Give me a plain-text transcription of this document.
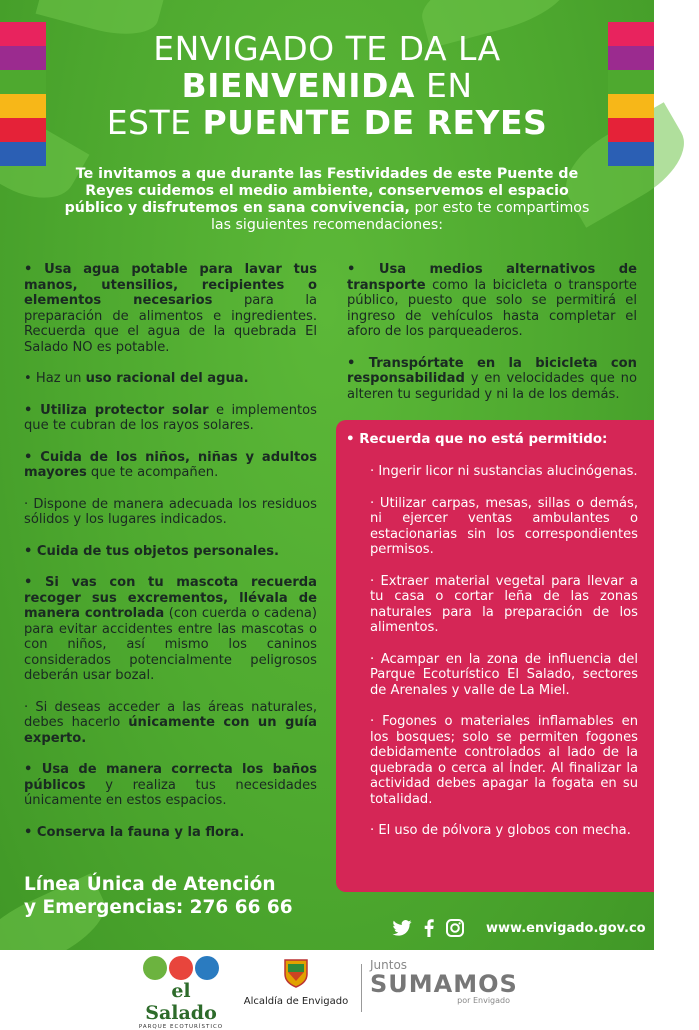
ENVIGADO TE DA LA
BIENVENIDA EN
ESTE PUENTE DE REYES
Te invitamos a que durante las Festividades de este Puente de Reyes cuidemos el medio ambiente, conservemos el espacio público y disfrutemos en sana convivencia, por esto te compartimos las siguientes recomendaciones:

• Usa agua potable para lavar tus manos, utensilios, recipientes o elementos necesarios para la preparación de alimentos e ingredientes. Recuerda que el agua de la quebrada El Salado NO es potable.

• Haz un uso racional del agua.

• Utiliza protector solar e implementos que te cubran de los rayos solares.

• Cuida de los niños, niñas y adultos mayores que te acompañen.

· Dispone de manera adecuada los residuos sólidos y los lugares indicados.

• Cuida de tus objetos personales.

• Si vas con tu mascota recuerda recoger sus excrementos, llévala de manera controlada (con cuerda o cadena) para evitar accidentes entre las mascotas o con niños, así mismo los caninos considerados potencialmente peligrosos deberán usar bozal.

· Si deseas acceder a las áreas naturales, debes hacerlo únicamente con un guía experto.

• Usa de manera correcta los baños públicos y realiza tus necesidades únicamente en estos espacios.

• Conserva la fauna y la flora.

• Usa medios alternativos de transporte como la bicicleta o transporte público, puesto que solo se permitirá el ingreso de vehículos hasta completar el aforo de los parqueaderos.

• Transpórtate en la bicicleta con responsabilidad y en velocidades que no alteren tu seguridad y ni la de los demás.

• Recuerda que no está permitido:

· Ingerir licor ni sustancias alucinógenas.

· Utilizar carpas, mesas, sillas o demás, ni ejercer ventas ambulantes o estacionarias sin los correspondientes permisos.

· Extraer material vegetal para llevar a tu casa o cortar leña de las zonas naturales para la preparación de los alimentos.

· Acampar en la zona de influencia del Parque Ecoturístico El Salado, sectores de Arenales y valle de La Miel.

· Fogones o materiales inflamables en los bosques; solo se permiten fogones debidamente controlados al lado de la quebrada o cerca al Índer. Al finalizar la actividad debes apagar la fogata en su totalidad.

· El uso de pólvora y globos con mecha.

Línea Única de Atención
y Emergencias: 276 66 66
www.envigado.gov.co
el Salado
PARQUE ECOTURÍSTICO
Alcaldía de Envigado
Juntos
SUMAMOS
por Envigado
